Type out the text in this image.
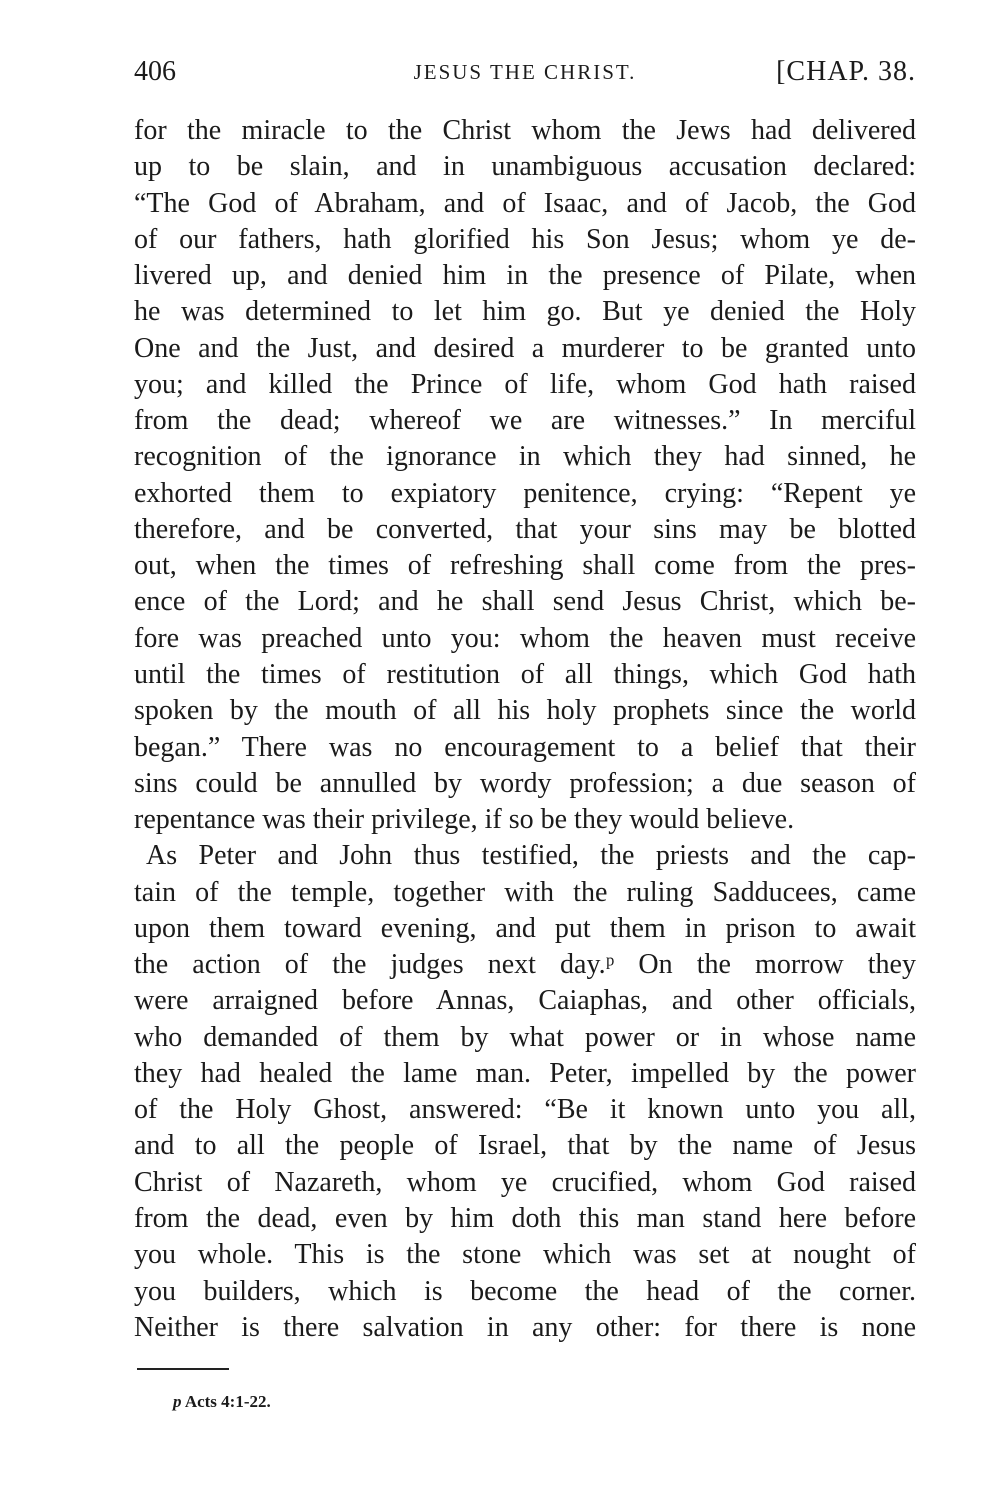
406	JESUS THE CHRIST.	[CHAP. 38.
for the miracle to the Christ whom the Jews had delivered
up to be slain, and in unambiguous accusation declared:
“The God of Abraham, and of Isaac, and of Jacob, the God
of our fathers, hath glorified his Son Jesus; whom ye de-
livered up, and denied him in the presence of Pilate, when
he was determined to let him go. But ye denied the Holy
One and the Just, and desired a murderer to be granted unto
you; and killed the Prince of life, whom God hath raised
from the dead; whereof we are witnesses.” In merciful
recognition of the ignorance in which they had sinned, he
exhorted them to expiatory penitence, crying: “Repent ye
therefore, and be converted, that your sins may be blotted
out, when the times of refreshing shall come from the pres-
ence of the Lord; and he shall send Jesus Christ, which be-
fore was preached unto you: whom the heaven must receive
until the times of restitution of all things, which God hath
spoken by the mouth of all his holy prophets since the world
began.” There was no encouragement to a belief that their
sins could be annulled by wordy profession; a due season of
repentance was their privilege, if so be they would believe.
As Peter and John thus testified, the priests and the cap-
tain of the temple, together with the ruling Sadducees, came
upon them toward evening, and put them in prison to await
the action of the judges next day.ᵖ On the morrow they
were arraigned before Annas, Caiaphas, and other officials,
who demanded of them by what power or in whose name
they had healed the lame man. Peter, impelled by the power
of the Holy Ghost, answered: “Be it known unto you all,
and to all the people of Israel, that by the name of Jesus
Christ of Nazareth, whom ye crucified, whom God raised
from the dead, even by him doth this man stand here before
you whole. This is the stone which was set at nought of
you builders, which is become the head of the corner.
Neither is there salvation in any other: for there is none
p Acts 4:1-22.
